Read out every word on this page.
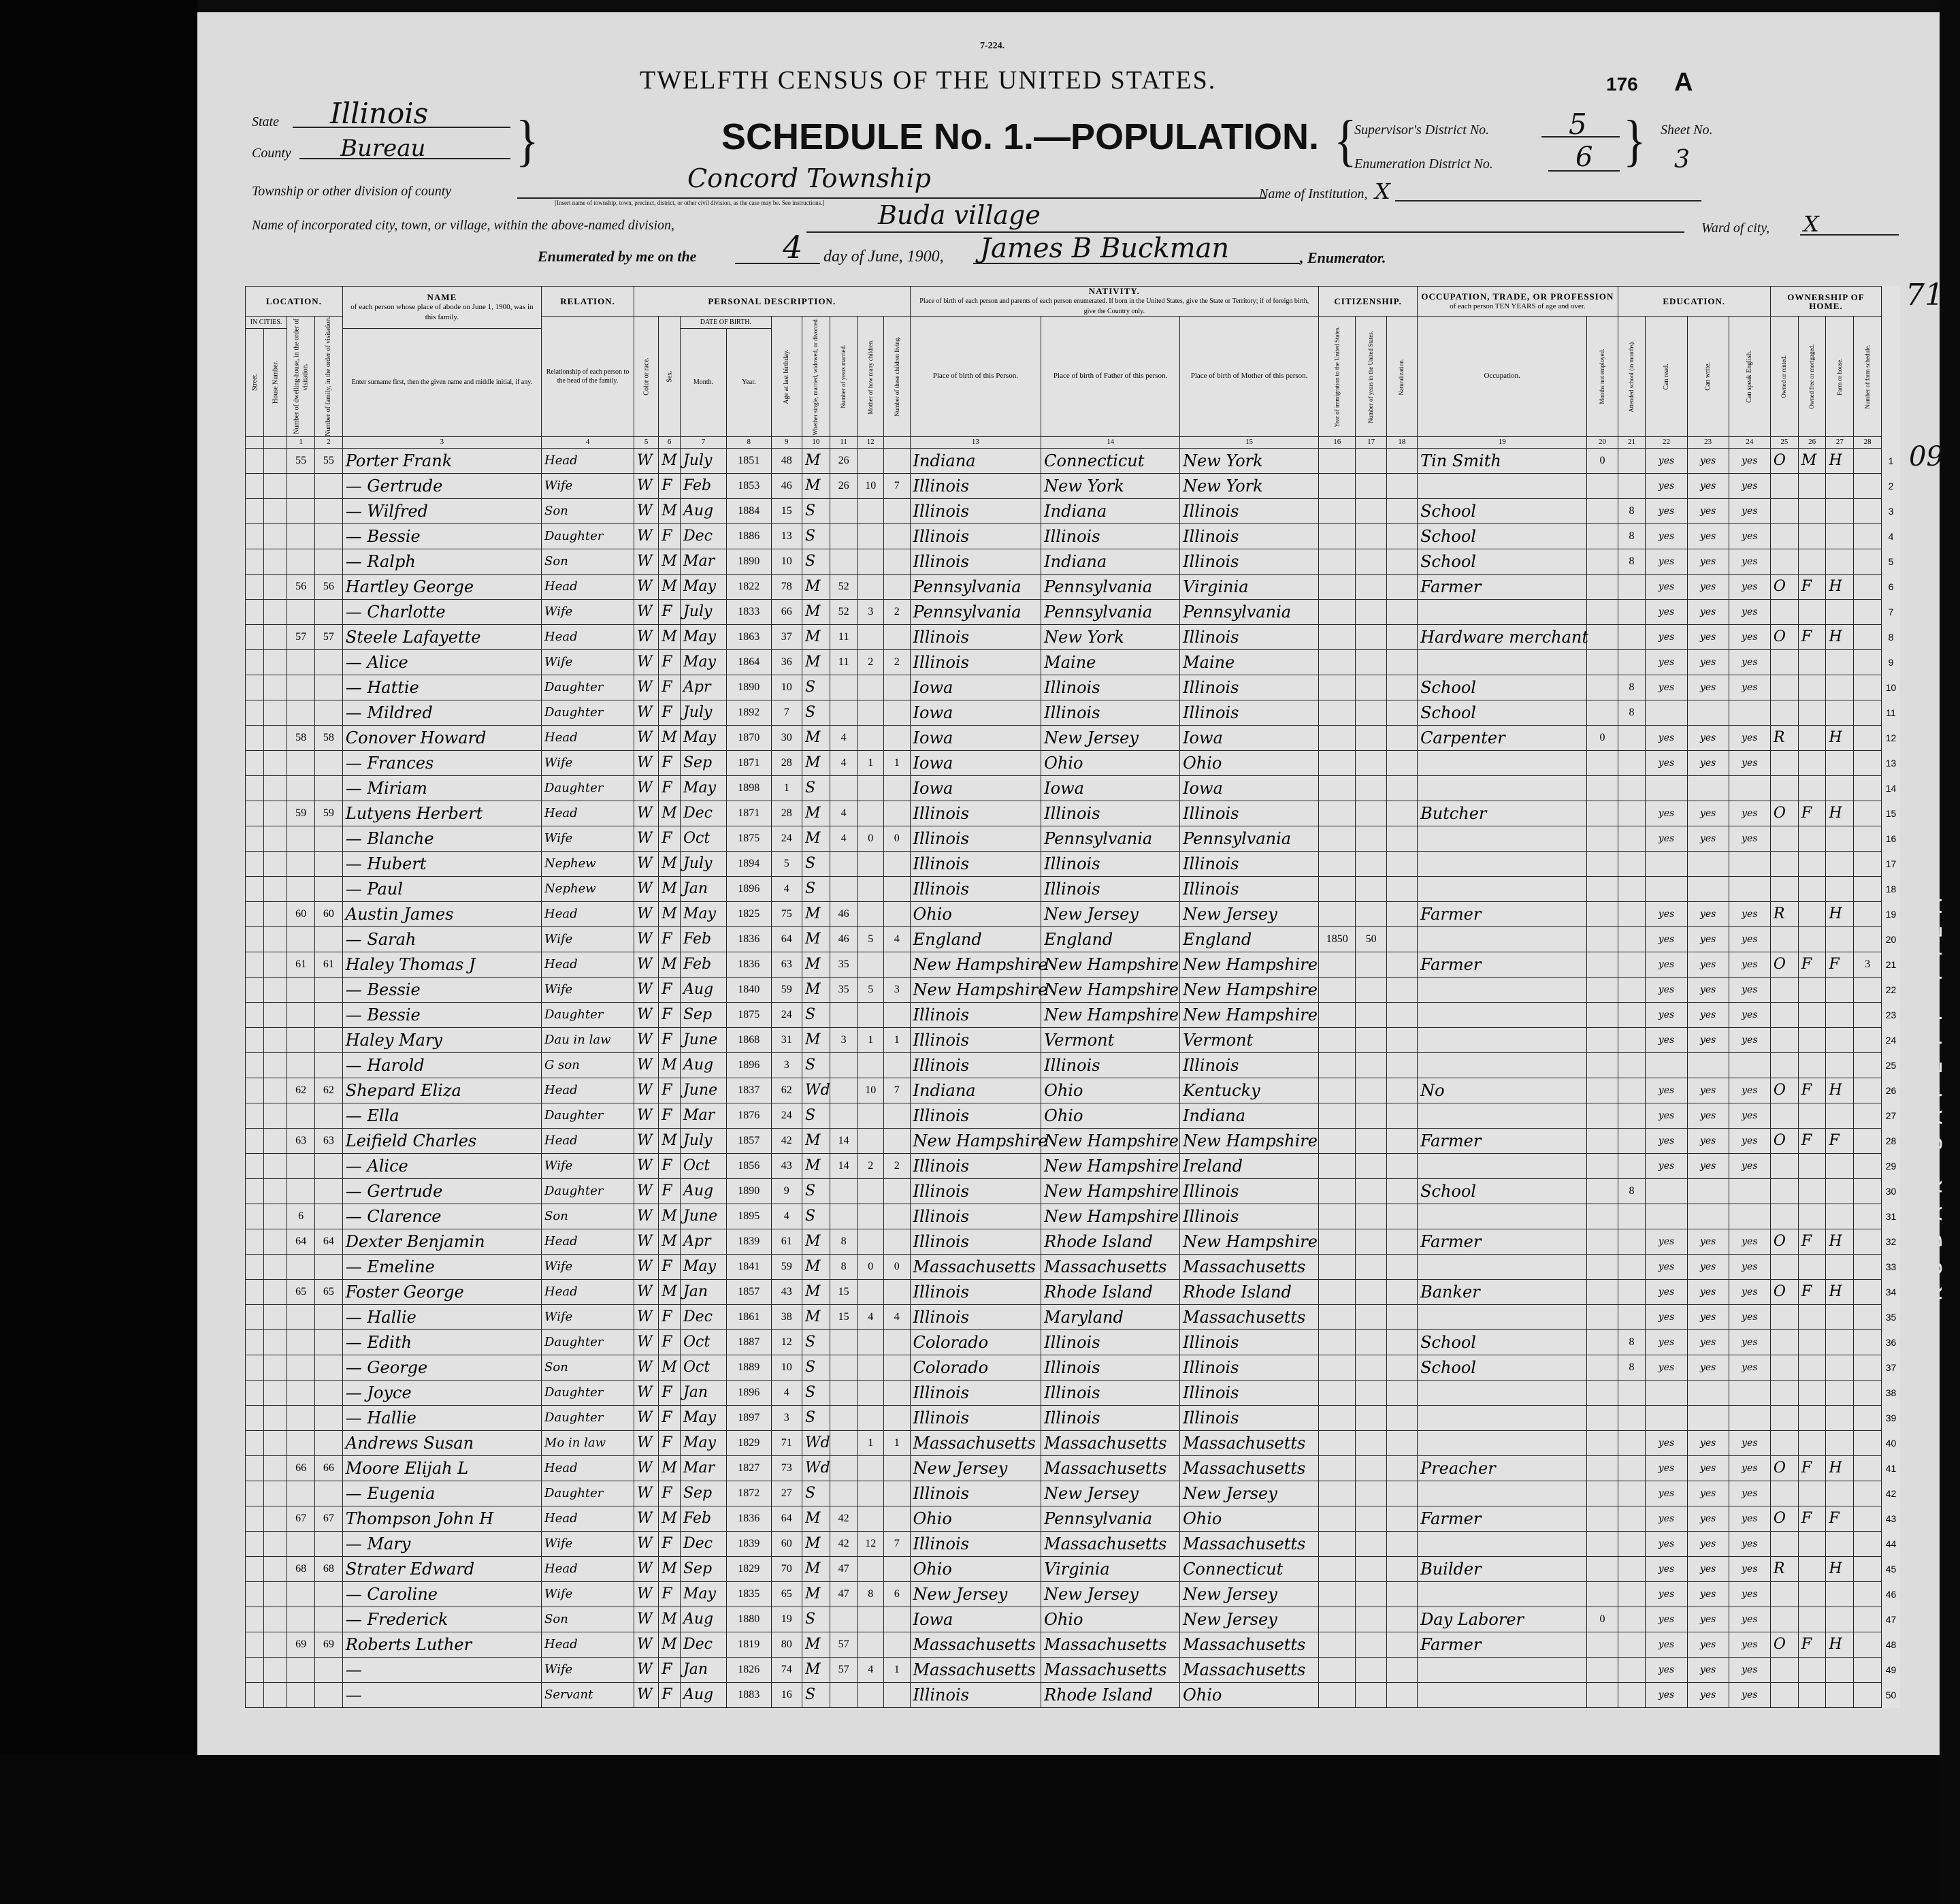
7-224.
TWELFTH CENSUS OF THE UNITED STATES.	176 A
SCHEDULE No. 1.—POPULATION.
State Illinois
County Bureau }	{
Supervisor's District No.	5
Enumeration District No.	6 } Sheet No.
3
Township or other division of county	Concord Township
[Insert name of township, town, precinct, district, or other civil division, as the case may be. See instructions.]
Name of Institution, X
Name of incorporated city, town, or village, within the above-named division,	Buda village	Ward of city, X
Enumerated by me on the	4 day of June, 1900, James B Buckman	, Enumerator.
71
09
LOCATION.				NAME
of each person whose place of abode on June 1, 1900, was in this family.	RELATION.	PERSONAL DESCRIPTION.									NATIVITY.
Place of birth of each person and parents of each person enumerated. If born in the United States, give the State or Territory; if of foreign birth, give the Country only.			CITIZENSHIP.			OCCUPATION, TRADE, OR PROFESSION
of each person TEN YEARS of age and over.		EDUCATION.				OWNERSHIP OF HOME.				
IN CITIES.		Number of dwelling-house, in the order of visitation.	Number of family, in the order of visitation.		Relationship of each person to the head of the family.	Color or race.	Sex.	DATE OF BIRTH.		Age at last birthday.	Whether single, married, widowed, or divorced.	Number of years married.	Mother of how many children.	Number of these children living.	Place of birth of this Person.	Place of birth of Father of this person.	Place of birth of Mother of this person.	Year of immigration to the United States.	Number of years in the United States.	Naturalization.	Occupation.	Months not employed.	Attended school (in months).	Can read.	Can write.	Can speak English.	Owned or rented.	Owned free or mortgaged.	Farm or house.	Number of farm schedule.	
Street.	House Number.			Enter surname first, then the given name and middle initial, if any.				Month.	Year.																						
		1	2	3	4	5	6	7	8	9	10	11	12		13	14	15	16	17	18	19	20	21	22	23	24	25	26	27	28	
		55	55	Porter Frank	Head	W	M	July	1851	48	M	26			Indiana	Connecticut	New York				Tin Smith	0		yes	yes	yes	O	M	H		1
				— Gertrude	Wife	W	F	Feb	1853	46	M	26	10	7	Illinois	New York	New York							yes	yes	yes					2
				— Wilfred	Son	W	M	Aug	1884	15	S				Illinois	Indiana	Illinois				School		8	yes	yes	yes					3
				— Bessie	Daughter	W	F	Dec	1886	13	S				Illinois	Illinois	Illinois				School		8	yes	yes	yes					4
				— Ralph	Son	W	M	Mar	1890	10	S				Illinois	Indiana	Illinois				School		8	yes	yes	yes					5
		56	56	Hartley George	Head	W	M	May	1822	78	M	52			Pennsylvania	Pennsylvania	Virginia				Farmer			yes	yes	yes	O	F	H		6
				— Charlotte	Wife	W	F	July	1833	66	M	52	3	2	Pennsylvania	Pennsylvania	Pennsylvania							yes	yes	yes					7
		57	57	Steele Lafayette	Head	W	M	May	1863	37	M	11			Illinois	New York	Illinois				Hardware merchant			yes	yes	yes	O	F	H		8
				— Alice	Wife	W	F	May	1864	36	M	11	2	2	Illinois	Maine	Maine							yes	yes	yes					9
				— Hattie	Daughter	W	F	Apr	1890	10	S				Iowa	Illinois	Illinois				School		8	yes	yes	yes					10
				— Mildred	Daughter	W	F	July	1892	7	S				Iowa	Illinois	Illinois				School		8								11
		58	58	Conover Howard	Head	W	M	May	1870	30	M	4			Iowa	New Jersey	Iowa				Carpenter	0		yes	yes	yes	R		H		12
				— Frances	Wife	W	F	Sep	1871	28	M	4	1	1	Iowa	Ohio	Ohio							yes	yes	yes					13
				— Miriam	Daughter	W	F	May	1898	1	S				Iowa	Iowa	Iowa														14
		59	59	Lutyens Herbert	Head	W	M	Dec	1871	28	M	4			Illinois	Illinois	Illinois				Butcher			yes	yes	yes	O	F	H		15
				— Blanche	Wife	W	F	Oct	1875	24	M	4	0	0	Illinois	Pennsylvania	Pennsylvania							yes	yes	yes					16
				— Hubert	Nephew	W	M	July	1894	5	S				Illinois	Illinois	Illinois														17
				— Paul	Nephew	W	M	Jan	1896	4	S				Illinois	Illinois	Illinois														18
		60	60	Austin James	Head	W	M	May	1825	75	M	46			Ohio	New Jersey	New Jersey				Farmer			yes	yes	yes	R		H		19
				— Sarah	Wife	W	F	Feb	1836	64	M	46	5	4	England	England	England	1850	50					yes	yes	yes					20
		61	61	Haley Thomas J	Head	W	M	Feb	1836	63	M	35			New Hampshire	New Hampshire	New Hampshire				Farmer			yes	yes	yes	O	F	F	3	21
				— Bessie	Wife	W	F	Aug	1840	59	M	35	5	3	New Hampshire	New Hampshire	New Hampshire							yes	yes	yes					22
				— Bessie	Daughter	W	F	Sep	1875	24	S				Illinois	New Hampshire	New Hampshire							yes	yes	yes					23
				Haley Mary	Dau in law	W	F	June	1868	31	M	3	1	1	Illinois	Vermont	Vermont							yes	yes	yes					24
				— Harold	G son	W	M	Aug	1896	3	S				Illinois	Illinois	Illinois														25
		62	62	Shepard Eliza	Head	W	F	June	1837	62	Wd		10	7	Indiana	Ohio	Kentucky				No			yes	yes	yes	O	F	H		26
				— Ella	Daughter	W	F	Mar	1876	24	S				Illinois	Ohio	Indiana							yes	yes	yes					27
		63	63	Leifield Charles	Head	W	M	July	1857	42	M	14			New Hampshire	New Hampshire	New Hampshire				Farmer			yes	yes	yes	O	F	F		28
				— Alice	Wife	W	F	Oct	1856	43	M	14	2	2	Illinois	New Hampshire	Ireland							yes	yes	yes					29
				— Gertrude	Daughter	W	F	Aug	1890	9	S				Illinois	New Hampshire	Illinois				School		8								30
		6		— Clarence	Son	W	M	June	1895	4	S				Illinois	New Hampshire	Illinois														31
		64	64	Dexter Benjamin	Head	W	M	Apr	1839	61	M	8			Illinois	Rhode Island	New Hampshire				Farmer			yes	yes	yes	O	F	H		32
				— Emeline	Wife	W	F	May	1841	59	M	8	0	0	Massachusetts	Massachusetts	Massachusetts							yes	yes	yes					33
		65	65	Foster George	Head	W	M	Jan	1857	43	M	15			Illinois	Rhode Island	Rhode Island				Banker			yes	yes	yes	O	F	H		34
				— Hallie	Wife	W	F	Dec	1861	38	M	15	4	4	Illinois	Maryland	Massachusetts							yes	yes	yes					35
				— Edith	Daughter	W	F	Oct	1887	12	S				Colorado	Illinois	Illinois				School		8	yes	yes	yes					36
				— George	Son	W	M	Oct	1889	10	S				Colorado	Illinois	Illinois				School		8	yes	yes	yes					37
				— Joyce	Daughter	W	F	Jan	1896	4	S				Illinois	Illinois	Illinois														38
				— Hallie	Daughter	W	F	May	1897	3	S				Illinois	Illinois	Illinois														39
				Andrews Susan	Mo in law	W	F	May	1829	71	Wd		1	1	Massachusetts	Massachusetts	Massachusetts							yes	yes	yes					40
		66	66	Moore Elijah L	Head	W	M	Mar	1827	73	Wd				New Jersey	Massachusetts	Massachusetts				Preacher			yes	yes	yes	O	F	H		41
				— Eugenia	Daughter	W	F	Sep	1872	27	S				Illinois	New Jersey	New Jersey							yes	yes	yes					42
		67	67	Thompson John H	Head	W	M	Feb	1836	64	M	42			Ohio	Pennsylvania	Ohio				Farmer			yes	yes	yes	O	F	F		43
				— Mary	Wife	W	F	Dec	1839	60	M	42	12	7	Illinois	Massachusetts	Massachusetts							yes	yes	yes					44
		68	68	Strater Edward	Head	W	M	Sep	1829	70	M	47			Ohio	Virginia	Connecticut				Builder			yes	yes	yes	R		H		45
				— Caroline	Wife	W	F	May	1835	65	M	47	8	6	New Jersey	New Jersey	New Jersey							yes	yes	yes					46
				— Frederick	Son	W	M	Aug	1880	19	S				Iowa	Ohio	New Jersey				Day Laborer	0		yes	yes	yes					47
		69	69	Roberts Luther	Head	W	M	Dec	1819	80	M	57			Massachusetts	Massachusetts	Massachusetts				Farmer			yes	yes	yes	O	F	H		48
				—	Wife	W	F	Jan	1826	74	M	57	4	1	Massachusetts	Massachusetts	Massachusetts							yes	yes	yes					49
				—	Servant	W	F	Aug	1883	16	S				Illinois	Rhode Island	Ohio							yes	yes	yes					50
